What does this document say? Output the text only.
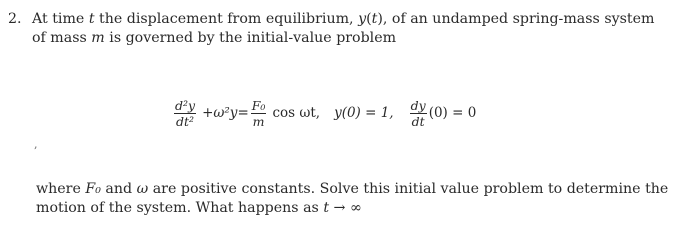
2. At time t the displacement from equilibrium, y(t), of an undamped spring-mass system
of mass m is governed by the initial-value problem
$\frac{\text{d²y}}{\text{dt²}} + \omega^2y = \frac{\text{F₀}}{m}$ cos ωt, y(0) = 1, $\frac{dy}{dt} (0) = 0$
,
where F₀ and ω are positive constants. Solve this initial value problem to determine the
motion of the system. What happens as t → ∞
